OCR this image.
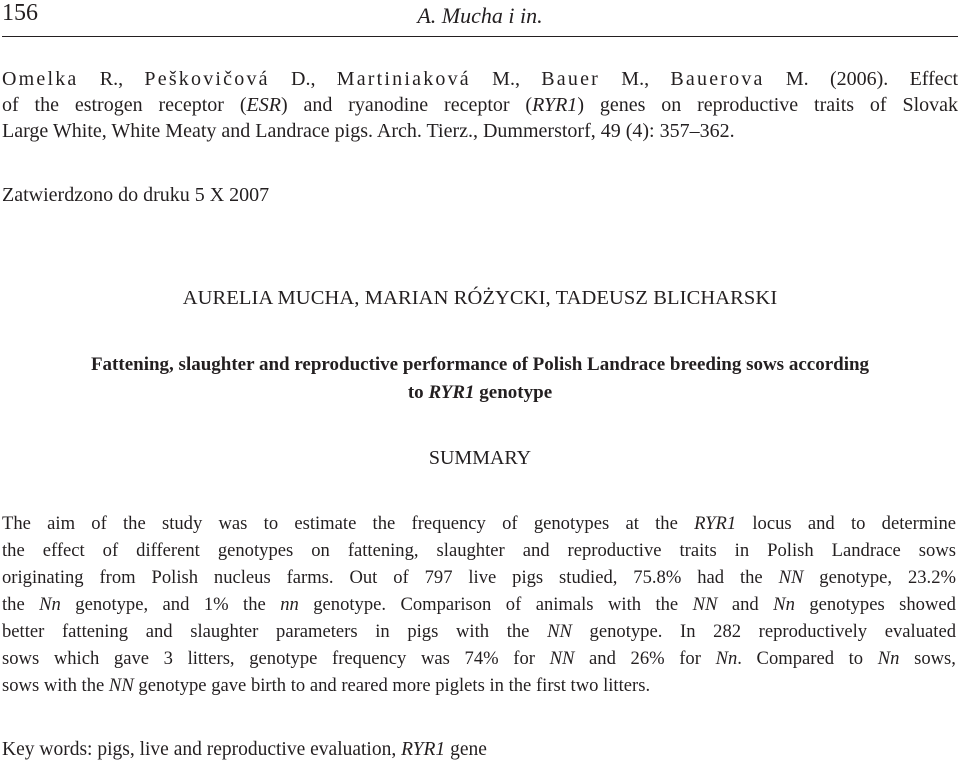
156	A. Mucha i in.
Omelka R., Peškovičová D., Martiniaková M., Bauer M., Bauerova M. (2006). Effect
of the estrogen receptor (ESR) and ryanodine receptor (RYR1) genes on reproductive traits of Slovak
Large White, White Meaty and Landrace pigs. Arch. Tierz., Dummerstorf, 49 (4): 357–362.
Zatwierdzono do druku 5 X 2007
AURELIA MUCHA, MARIAN RÓŻYCKI, TADEUSZ BLICHARSKI
Fattening, slaughter and reproductive performance of Polish Landrace breeding sows according
to RYR1 genotype
SUMMARY
The aim of the study was to estimate the frequency of genotypes at the RYR1 locus and to determine
the effect of different genotypes on fattening, slaughter and reproductive traits in Polish Landrace sows
originating from Polish nucleus farms. Out of 797 live pigs studied, 75.8% had the NN genotype, 23.2%
the Nn genotype, and 1% the nn genotype. Comparison of animals with the NN and Nn genotypes showed
better fattening and slaughter parameters in pigs with the NN genotype. In 282 reproductively evaluated
sows which gave 3 litters, genotype frequency was 74% for NN and 26% for Nn. Compared to Nn sows,
sows with the NN genotype gave birth to and reared more piglets in the first two litters.
Key words: pigs, live and reproductive evaluation, RYR1 gene
